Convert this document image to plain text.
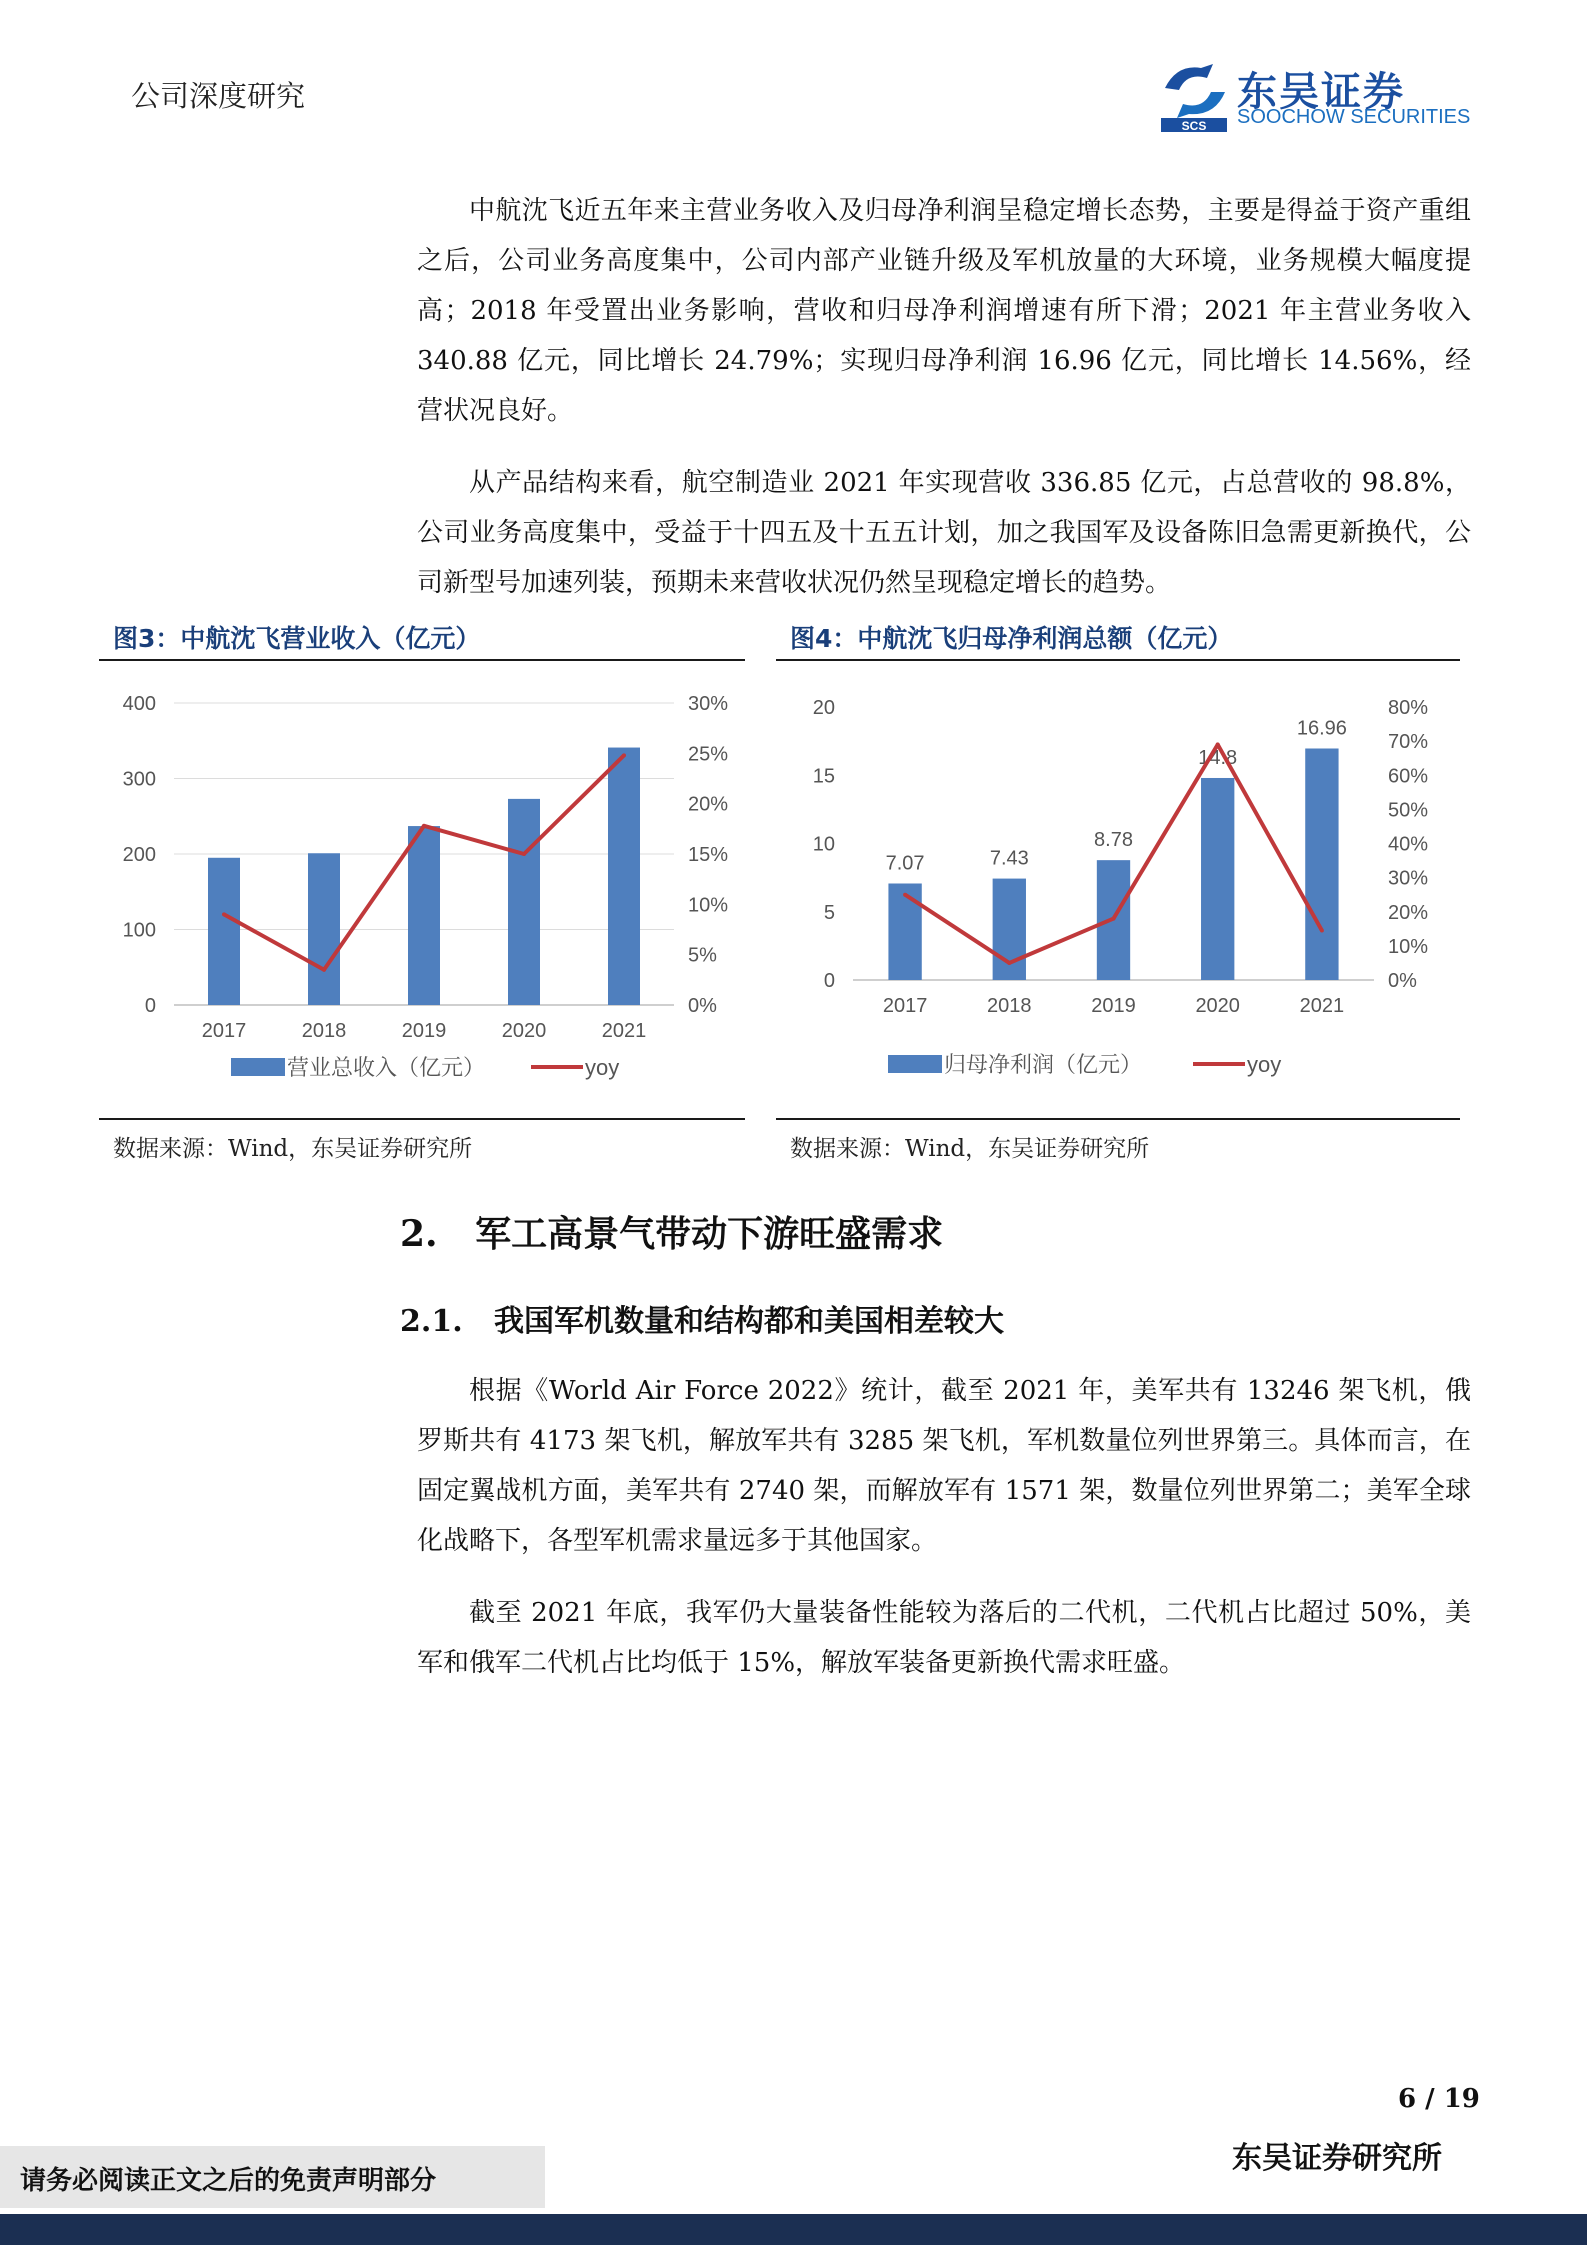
公司深度研究
SCS
东吴证券
SOOCHOW SECURITIES

中航沈飞近五年来主营业务收入及归母净利润呈稳定增长态势，主要是得益于资产重组之后，公司业务高度集中，公司内部产业链升级及军机放量的大环境，业务规模大幅度提高；2018 年受置出业务影响，营收和归母净利润增速有所下滑；2021 年主营业务收入 340.88 亿元，同比增长 24.79%；实现归母净利润 16.96 亿元，同比增长 14.56%，经营状况良好。

从产品结构来看，航空制造业 2021 年实现营收 336.85 亿元，占总营收的 98.8%，公司业务高度集中，受益于十四五及十五五计划，加之我国军及设备陈旧急需更新换代，公司新型号加速列装，预期未来营收状况仍然呈现稳定增长的趋势。

图3：中航沈飞营业收入（亿元）
0
100
200
300
400
0%
5%
10%
15%
20%
25%
30%
2017	2018	2019	2020	2021
营业总收入（亿元）	yoy
数据来源：Wind，东吴证券研究所
图4：中航沈飞归母净利润总额（亿元）
0
5
10
15
20
0%
10%
20%
30%
40%
50%
60%
70%
80%
7.07
2017
7.43
2018
8.78
2019
14.8
2020
16.96
2021
归母净利润（亿元）	yoy
数据来源：Wind，东吴证券研究所
2.   军工高景气带动下游旺盛需求
2.1.   我国军机数量和结构都和美国相差较大

根据《World Air Force 2022》统计，截至 2021 年，美军共有 13246 架飞机，俄罗斯共有 4173 架飞机，解放军共有 3285 架飞机，军机数量位列世界第三。具体而言，在固定翼战机方面，美军共有 2740 架，而解放军有 1571 架，数量位列世界第二；美军全球化战略下，各型军机需求量远多于其他国家。

截至 2021 年底，我军仍大量装备性能较为落后的二代机，二代机占比超过 50%，美军和俄军二代机占比均低于 15%，解放军装备更新换代需求旺盛。

6 / 19
东吴证券研究所
请务必阅读正文之后的免责声明部分
